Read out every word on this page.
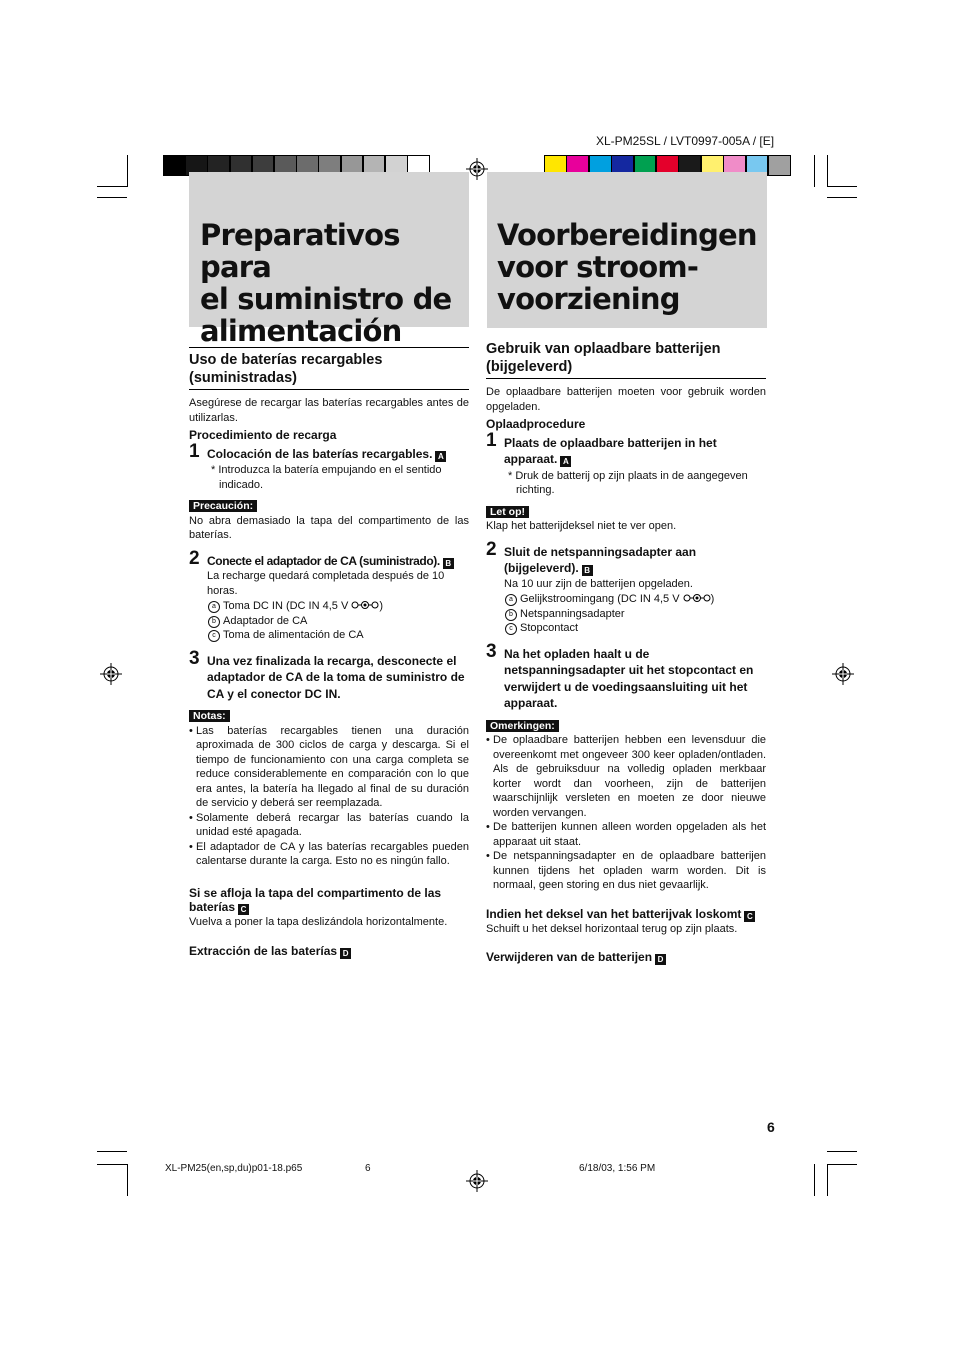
XL-PM25SL / LVT0997-005A / [E]
Preparativos para
el suministro de
alimentación
Voorbereidingen
voor stroom-
voorziening
Uso de baterías recargables
(suministradas)

Asegúrese de recargar las baterías recargables antes de utilizarlas.

Procedimiento de recarga
1 Colocación de las baterías recargables. A
* Introduzca la batería empujando en el sentido indicado.
Precaución:

No abra demasiado la tapa del compartimento de las baterías.

2 Conecte el adaptador de CA (suministrado). B
La recharge quedará completada después de 10 horas.
a Toma DC IN (DC IN 4,5 V	)
b Adaptador de CA
c Toma de alimentación de CA
3 Una vez finalizada la recarga, desconecte el adaptador de CA de la toma de suministro de CA y el conector DC IN.
Notas:
• Las baterías recargables tienen una duración aproximada de 300 ciclos de carga y descarga. Si el tiempo de funcionamiento con una carga completa se reduce considerablemente en comparación con lo que era antes, la batería ha llegado al final de su duración de servicio y deberá ser reemplazada.
• Solamente deberá recargar las baterías cuando la unidad esté apagada.
• El adaptador de CA y las baterías recargables pueden calentarse durante la carga. Esto no es ningún fallo.
Si se afloja la tapa del compartimento de las baterías C

Vuelva a poner la tapa deslizándola horizontalmente.

Extracción de las baterías D
Gebruik van oplaadbare batterijen
(bijgeleverd)

De oplaadbare batterijen moeten voor gebruik worden opgeladen.

Oplaadprocedure
1 Plaats de oplaadbare batterijen in het apparaat. A
* Druk de batterij op zijn plaats in de aangegeven richting.
Let op!

Klap het batterijdeksel niet te ver open.

2 Sluit de netspanningsadapter aan (bijgeleverd). B
Na 10 uur zijn de batterijen opgeladen.
a Gelijkstroomingang (DC IN 4,5 V	)
b Netspanningsadapter
c Stopcontact
3 Na het opladen haalt u de netspanningsadapter uit het stopcontact en verwijdert u de voedingsaansluiting uit het apparaat.
Omerkingen:
• De oplaadbare batterijen hebben een levensduur die overeenkomt met ongeveer 300 keer opladen/ontladen. Als de gebruiksduur na volledig opladen merkbaar korter wordt dan voorheen, zijn de batterijen waarschijnlijk versleten en moeten ze door nieuwe worden vervangen.
• De batterijen kunnen alleen worden opgeladen als het apparaat uit staat.
• De netspanningsadapter en de oplaadbare batterijen kunnen tijdens het opladen warm worden. Dit is normaal, geen storing en dus niet gevaarlijk.
Indien het deksel van het batterijvak loskomt C

Schuift u het deksel horizontaal terug op zijn plaats.

Verwijderen van de batterijen D
6
XL-PM25(en,sp,du)p01-18.p65	6	6/18/03, 1:56 PM
